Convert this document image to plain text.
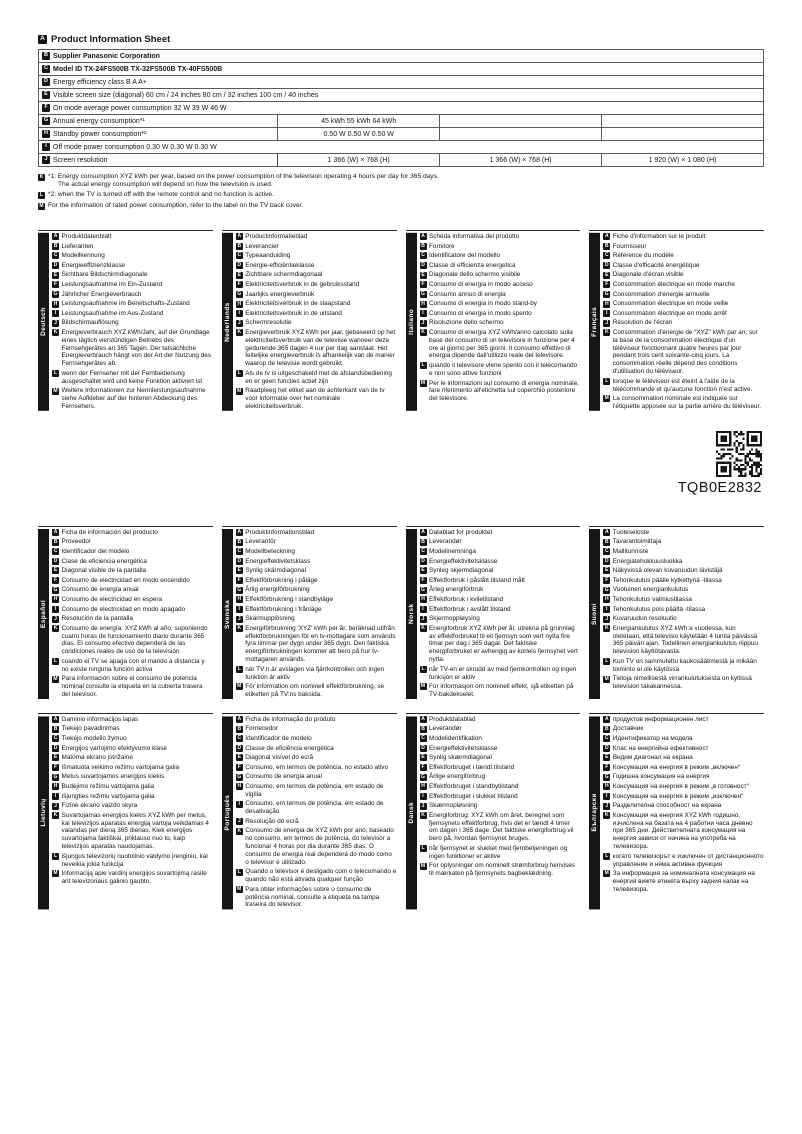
A Product Information Sheet
B Supplier Panasonic Corporation			

C Model ID TX-24FS500B TX-32FS500B TX-40FS500B			

D Energy efficiency class B A A+			

E Visible screen size (diagonal) 60 cm / 24 inches 80 cm / 32 inches 100 cm / 40 inches			

F On mode average power consumption 32 W 39 W 46 W			

G Annual energy consumption*¹	45 kWh 55 kWh 64 kWh		

H Standby power consumption*²	0.50 W 0.50 W 0.50 W		

I Off mode power consumption 0.30 W 0.30 W 0.30 W			

J Screen resolution	1 366 (W) × 768 (H)	1 366 (W) × 768 (H)	1 920 (W) × 1 080 (H)
K *1: Energy consumption XYZ kWh per year, based on the power consumption of the television operating 4 hours per day for 365 days.
The actual energy consumption will depend on how the television is used.
L *2: when the TV is turned off with the remote control and no function is active.
M For the information of rated power consumption, refer to the label on the TV back cover.
Deutsch
A Produktdatenblatt
B Lieferanten
C Modellkennung
D Energieeffizienzklasse
E Sichtbare Bildschirmdiagonale
F Leistungsaufnahme im Ein-Zustand
G Jährlicher Energieverbrauch
H Leistungsaufnahme im Bereitschafts-Zustand
I Leistungsaufnahme im Aus-Zustand
J Bildschirmauflösung
K Energieverbrauch XYZ kWh/Jahr, auf der Grundlage eines täglich vierstündigen Betriebs des Fernsehgerätes an 365 Tagen. Der tatsächliche Energieverbrauch hängt von der Art der Nutzung des Fernsehgerätes ab.
L wenn der Fernseher mit der Fernbedienung ausgeschaltet wird und keine Funktion aktiviert ist
M Weitere Informationen zur Nennleistungsaufnahme siehe Aufkleber auf der hinteren Abdeckung des Fernsehers.
Nederlands
A Productinformatieblad
B Leverancier
C Typeaanduiding
D Energie-efficiëntieklasse
E Zichtbare schermdiagonaal
F Elektriciteitsverbruik in de gebruiksstand
G Jaarlijks energieverbruik
H Elektriciteitsverbruik in de slaapstand
I Elektriciteitsverbruik in de uitstand
J Schermresolutie
K Energieverbruik XYZ kWh per jaar, gebaseerd op het elektriciteitsverbruik van de televisie wanneer deze gedurende 365 dagen 4 uur per dag aanstaat. Het feitelijke energieverbruik is afhankelijk van de manier waarop de televisie wordt gebruikt.
L Als de tv is uitgeschakeld met de afstandsbediening en er geen functies actief zijn
M Raadpleeg het etiket aan de achterkant van de tv voor informatie over het nominale elektriciteitsverbruik.
Italiano
A Scheda informativa del prodotto
B Fornitore
C Identificatore del modello
D Classe di efficienza energetica
E Diagonale dello schermo visibile
F Consumo di energia in modo acceso
G Consumo annuo di energia
H Consumo di energia in modo stand-by
I Consumo di energia in modo spento
J Risoluzione dello schermo
K Consumo di energia XYZ kWh/anno calcolato sulla base del consumo di un televisore in funzione per 4 ore al giorno per 365 giorni. Il consumo effettivo di energia dipende dall'utilizzo reale del televisore.
L quando il televisore viene spento con il telecomando e non sono attive funzioni
M Per le informazioni sul consumo di energia nominale, fare riferimento all'etichetta sul coperchio posteriore del televisore.
Français
A Fiche d'information sur le produit
B Fournisseur
C Référence du modèle
D Classe d'efficacité énergétique
E Diagonale d'écran visible
F Consommation électrique en mode marche
G Consommation d'énergie annuelle
H Consommation électrique en mode veille
I Consommation électrique en mode arrêt
J Résolution de l'écran
K Consommation d'énergie de “XYZ” kWh par an, sur la base de la consommation électrique d'un téléviseur fonctionnant quatre heures par jour pendant trois cent soixante-cinq jours. La consommation réelle dépend des conditions d'utilisation du téléviseur.
L lorsque le téléviseur est éteint à l'aide de la télécommande et qu'aucune fonction n'est active.
M La consommation nominale est indiquée sur l'étiquette apposée sur la partie arrière du téléviseur.
TQB0E2832
Español
A Ficha de información del producto
B Proveedor
C Identificador del modelo
D Clase de eficiencia energética
E Diagonal visible de la pantalla
F Consumo de electricidad en modo encendido
G Consumo de energía anual
H Consumo de electricidad en espera
I Consumo de electricidad en modo apagado
J Resolución de la pantalla
K Consumo de energía: XYZ kWh al año, suponiendo cuatro horas de funcionamiento diario durante 365 días. El consumo efectivo dependerá de las condiciones reales de uso de la televisión.
L cuando el TV se apaga con el mando a distancia y no existe ninguna función activa
M Para información sobre el consumo de potencia nominal consulte la etiqueta en la cubierta trasera del televisor.
Svenska
A Produktinformationsblad
B Leverantör
C Modellbeteckning
D Energieffektivitetsklass
E Synlig skärmdiagonal
F Effektförbrukning i påläge
G Årlig energiförbrukning
H Effektförbrukning i standbyläge
I Effektförbrukning i frånläge
J Skärmupplösning
K Energiförbrukning 'XYZ' kWh per år, beräknad utifrån effektförbrukningen för en tv-mottagare som används fyra timmar per dygn under 365 dygn. Den faktiska energiförbrukningen kommer att bero på hur tv-mottagaren används.
L när TV:n är avslagen via fjärrkontrollen och ingen funktion är aktiv
M För information om nominell effektförbrukning, se etiketten på TV:ns baksida.
Norsk
A Datablad for produktet
B Leverandør
C Modellnemninga
D Energieffektivitetsklasse
E Synleg skjermdiagonal
F Effektforbruk i påslått tilstand målt
G Årleg energiforbruk
H Effektforbruk i kviletilstand
I Effektforbruk i avslått tilstand
J Skjermoppløysing
K Energiforbruk XYZ kWh per år, utrekna på grunnlag av effektforbruket til eit fjernsyn som vert nytta fire timar per dag i 365 dagar. Det faktiske energiforbruket er avhengig av korleis fjernsynet vert nytta.
L når TV-en er skrudd av med fjernkontrollen og ingen funksjon er aktiv
M For informasjon om nominell effekt, sjå etiketten på TV-bakdekselet.
Suomi
A Tuoteseloste
B Tavarantoimittaja
C Mallitunniste
D Energiatehokkuusluokka
E Näkyvissä olevan kuvaruudun lävistäjä
F Tehonkulutus päälle kytkettynä -tilassa
G Vuotuinen energiankulutus
H Tehonkulutus valmiustilassa
I Tehonkulutus pois päältä -tilassa
J Kuvaruudun resoluutio
K Energiankulutus XYZ kWh:a vuodessa, kun oletetaan, että televisio käytetään 4 tuntia päivässä 365 päivän ajan. Todellinen energiankulutus riippuu television käyttötavasta.
L Kun TV on sammutettu kaukosäätimestä ja mikään toiminto ei ole käytössä
M Tietoja nimellisestä virrankulutuksesta on kyltissä television takakannessa.
Lietuvių
A Gaminio informacijos lapas
B Tiekėjo pavadinimas
C Tiekėjo modelio žymuo
D Energijos vartojimo efektyvumo klasė
E Matoma ekrano įstrižainė
F Išmatuota veikimo režimu vartojama galia
G Metus suvartojamos energijos kiekis
H Budėjimo režimu vartojama galia
I Išjungties režimu vartojama galia
J Fizinė ekrano vaizdo skyra
K Suvartojamas energijos kiekis XYZ kWh per metus, kai televizijos aparatas energiją vartoja veikdamas 4 valandas per dieną 365 dienas. Kiek energijos suvartojama faktiškai, priklauso nuo to, kaip televizijos aparatas naudojamas.
L išjungus televizorių nuotolinio valdymo įrenginiu, kai neveikia jokia funkcija
M Informaciją apie vardinį energijos suvartojimą rasite ant televizoriaus galinio gaubto.
Português
A Ficha de informação do produto
B Fornecedor
C Identificador de modelo
D Classe de eficiência energética
E Diagonal visível do ecrã
F Consumo, em termos de potência, no estado ativo
G Consumo de energia anual
H Consumo, em termos de potência, em estado de vigília
I Consumo, em termos de potência, em estado de desativação
J Resolução do ecrã
K Consumo de energia de XYZ kWh por ano, baseado no consumo, em termos de potência, do televisor a funcionar 4 horas por dia durante 365 dias. O consumo de energia real dependerá do modo como o televisor é utilizado.
L Quando o televisor é desligado com o telecomando e quando não está ativada qualquer função
M Para obter informações sobre o consumo de potência nominal, consulte a etiqueta na tampa traseira do televisor.
Dansk
A Produktdatablad
B Leverandør
C Modelidentifikation
D Energieffektivitetsklasse
E Synlig skærmdiagonal
F Effektforbruget i tændt tilstand
G Årlige energiforbrug
H Effektforbruget i standbytilstand
I Effektforbruget i slukket tilstand
J Skærmopløsning
K Energiforbrug: XYZ kWh om året, beregnet som fjernsynets effektforbrug, hvis det er tændt 4 timer om dagen i 365 dage. Det faktiske energiforbrug vil bero på, hvordan fjernsynet bruges.
L når fjernsynet er slukket med fjernbetjeningen og ingen funktioner er aktive
M For oplysninger om nominelt strømforbrug henvises til mærkaten på fjernsynets bagbeklædning.
Български
A продуктов информационен лист
B Доставчик
C Идентификатор на модела
D Клас на енергийна ефективност
E Видим диагонал на екрана
F Консумация на енергия в режим „включен“
G Годишна консумация на енергия
H Консумация на енергия в режим „в готовност“
I Консумация на енергия в режим „изключен“
J Разделителна способност на екрана
K Консумация на енергия XYZ kWh годишно, изчислена на базата на 4 работни часа дневно при 365 дни. Действителната консумация на енергия зависи от начина на употреба на телевизора.
L когато телевизорът е изключен от дистанционното управление и няма активна функция
M За информация за номиналната консумация на енергия вижте етикета върху задния капак на телевизора.
